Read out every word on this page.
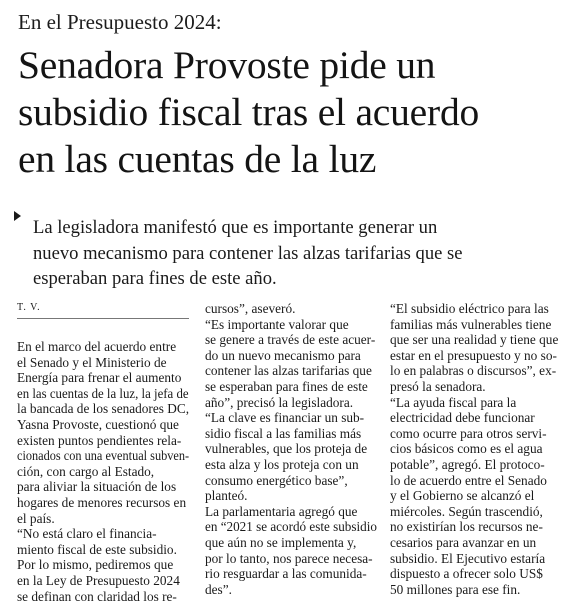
En el Presupuesto 2024:
Senadora Provoste pide un
subsidio fiscal tras el acuerdo
en las cuentas de la luz
La legisladora manifestó que es importante generar un
nuevo mecanismo para contener las alzas tarifarias que se
esperaban para fines de este año.
T. V.
En el marco del acuerdo entre
el Senado y el Ministerio de
Energía para frenar el aumento
en las cuentas de la luz, la jefa de
la bancada de los senadores DC,
Yasna Provoste, cuestionó que
existen puntos pendientes rela-
cionados con una eventual subven-
ción, con cargo al Estado,
para aliviar la situación de los
hogares de menores recursos en
el país.
“No está claro el financia-
miento fiscal de este subsidio.
Por lo mismo, pediremos que
en la Ley de Presupuesto 2024
se definan con claridad los re-
cursos”, aseveró.
“Es importante valorar que
se genere a través de este acuer-
do un nuevo mecanismo para
contener las alzas tarifarias que
se esperaban para fines de este
año”, precisó la legisladora.
“La clave es financiar un sub-
sidio fiscal a las familias más
vulnerables, que los proteja de
esta alza y los proteja con un
consumo energético base”,
planteó.
La parlamentaria agregó que
en “2021 se acordó este subsidio
que aún no se implementa y,
por lo tanto, nos parece necesa-
rio resguardar a las comunida-
des”.
“El subsidio eléctrico para las
familias más vulnerables tiene
que ser una realidad y tiene que
estar en el presupuesto y no so-
lo en palabras o discursos”, ex-
presó la senadora.
“La ayuda fiscal para la
electricidad debe funcionar
como ocurre para otros servi-
cios básicos como es el agua
potable”, agregó. El protoco-
lo de acuerdo entre el Senado
y el Gobierno se alcanzó el
miércoles. Según trascendió,
no existirían los recursos ne-
cesarios para avanzar en un
subsidio. El Ejecutivo estaría
dispuesto a ofrecer solo US$
50 millones para ese fin.
